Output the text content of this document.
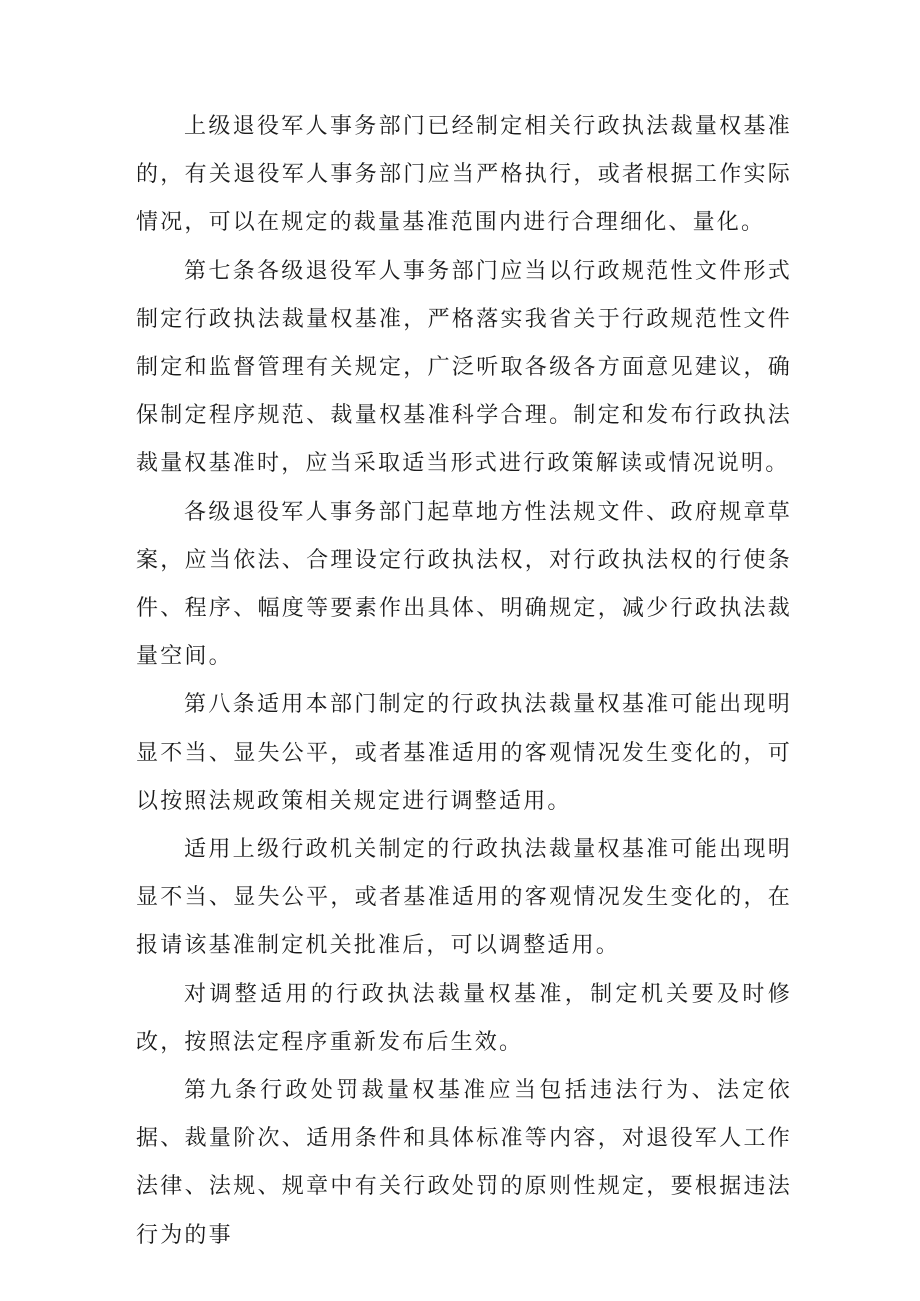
上级退役军人事务部门已经制定相关行政执法裁量权基准的，有关退役军人事务部门应当严格执行，或者根据工作实际情况，可以在规定的裁量基准范围内进行合理细化、量化。

第七条各级退役军人事务部门应当以行政规范性文件形式制定行政执法裁量权基准，严格落实我省关于行政规范性文件制定和监督管理有关规定，广泛听取各级各方面意见建议，确保制定程序规范、裁量权基准科学合理。制定和发布行政执法裁量权基准时，应当采取适当形式进行政策解读或情况说明。

各级退役军人事务部门起草地方性法规文件、政府规章草案，应当依法、合理设定行政执法权，对行政执法权的行使条件、程序、幅度等要素作出具体、明确规定，减少行政执法裁量空间。

第八条适用本部门制定的行政执法裁量权基准可能出现明显不当、显失公平，或者基准适用的客观情况发生变化的，可以按照法规政策相关规定进行调整适用。

适用上级行政机关制定的行政执法裁量权基准可能出现明显不当、显失公平，或者基准适用的客观情况发生变化的，在报请该基准制定机关批准后，可以调整适用。

对调整适用的行政执法裁量权基准，制定机关要及时修改，按照法定程序重新发布后生效。

第九条行政处罚裁量权基准应当包括违法行为、法定依据、裁量阶次、适用条件和具体标准等内容，对退役军人工作法律、法规、规章中有关行政处罚的原则性规定，要根据违法行为的事
